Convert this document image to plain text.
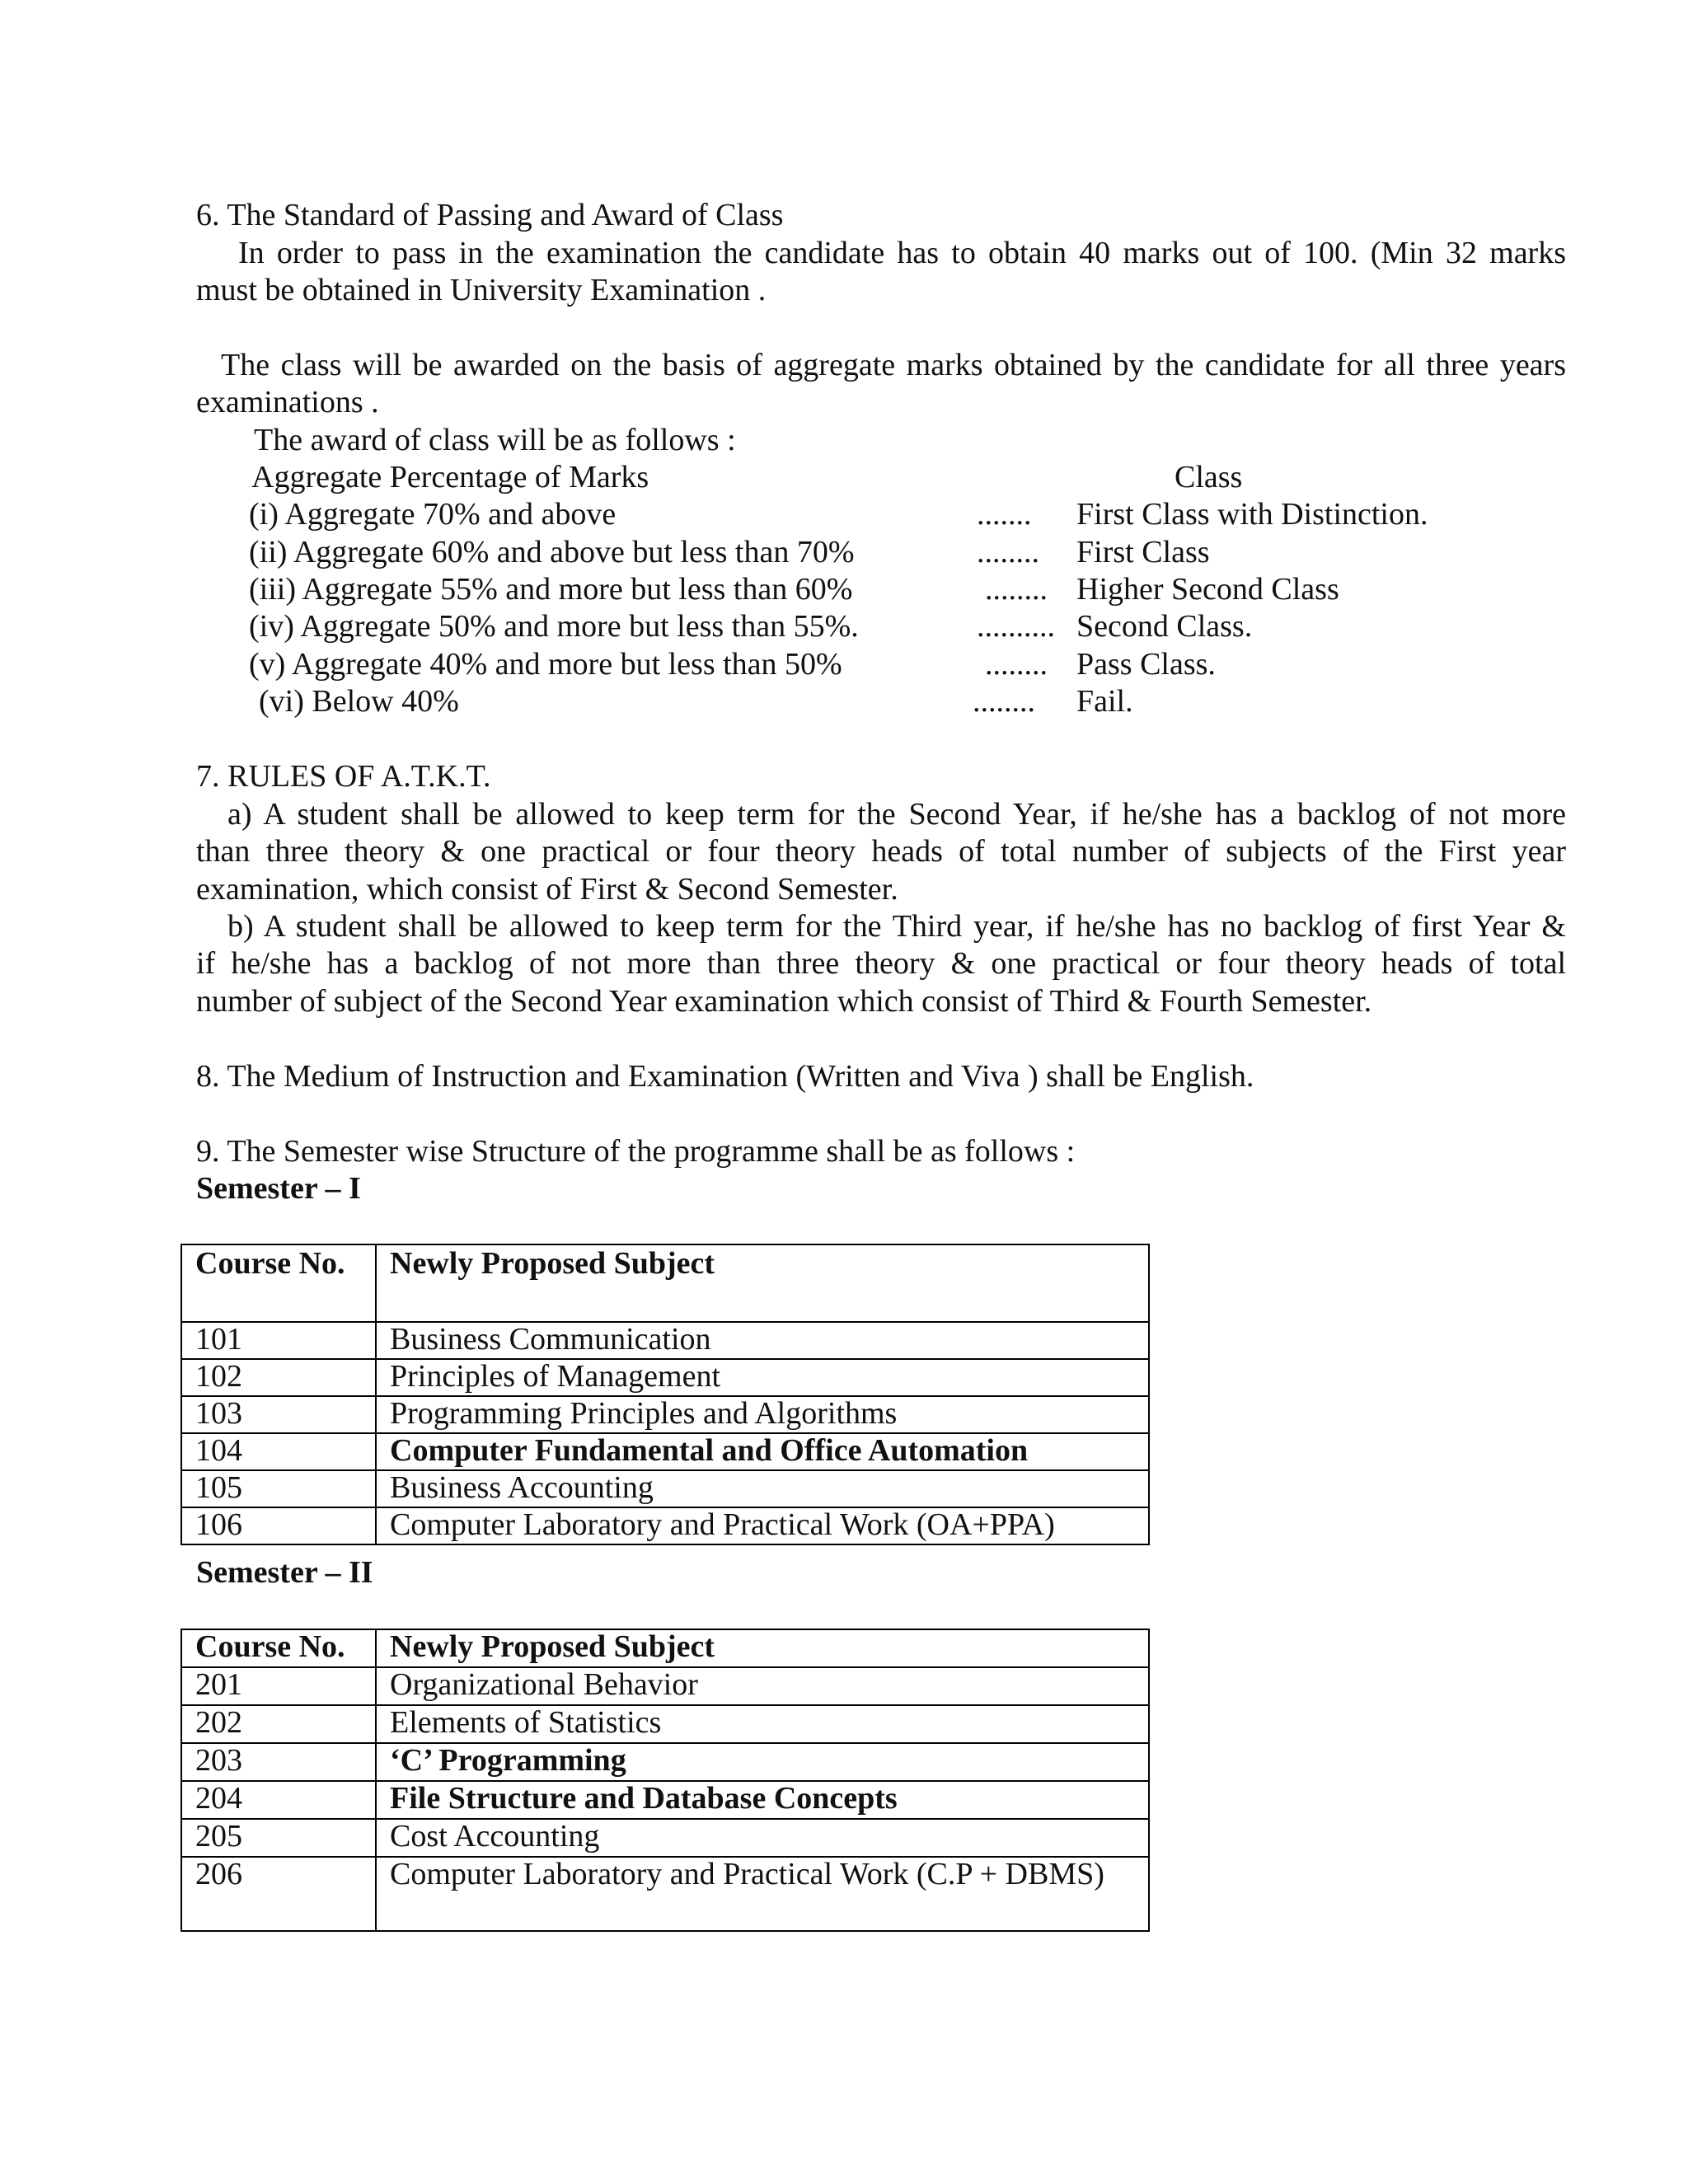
6. The Standard of Passing and Award of Class
In order to pass in the examination the candidate has to obtain 40 marks out of 100. (Min 32 marks
must be obtained in University Examination .
The class will be awarded on the basis of aggregate marks obtained by the candidate for all three years
examinations .
The award of class will be as follows :
Aggregate Percentage of Marks	Class
(i) Aggregate 70% and above	....... First Class with Distinction.
(ii) Aggregate 60% and above but less than 70%	........ First Class
(iii) Aggregate 55% and more but less than 60%	........ Higher Second Class
(iv) Aggregate 50% and more but less than 55%.	.......... Second Class.
(v) Aggregate 40% and more but less than 50%	........ Pass Class.
(vi) Below 40%	........ Fail.
7. RULES OF A.T.K.T.
a) A student shall be allowed to keep term for the Second Year, if he/she has a backlog of not more
than three theory & one practical or four theory heads of total number of subjects of the First year
examination, which consist of First & Second Semester.
b) A student shall be allowed to keep term for the Third year, if he/she has no backlog of first Year &
if he/she has a backlog of not more than three theory & one practical or four theory heads of total
number of subject of the Second Year examination which consist of Third & Fourth Semester.
8. The Medium of Instruction and Examination (Written and Viva ) shall be English.
9. The Semester wise Structure of the programme shall be as follows :
Semester – I
Course No.	Newly Proposed Subject
101	Business Communication
102	Principles of Management
103	Programming Principles and Algorithms
104	Computer Fundamental and Office Automation
105	Business Accounting
106	Computer Laboratory and Practical Work (OA+PPA)
Semester – II
Course No.	Newly Proposed Subject
201	Organizational Behavior
202	Elements of Statistics
203	‘C’ Programming
204	File Structure and Database Concepts
205	Cost Accounting
206	Computer Laboratory and Practical Work (C.P + DBMS)
